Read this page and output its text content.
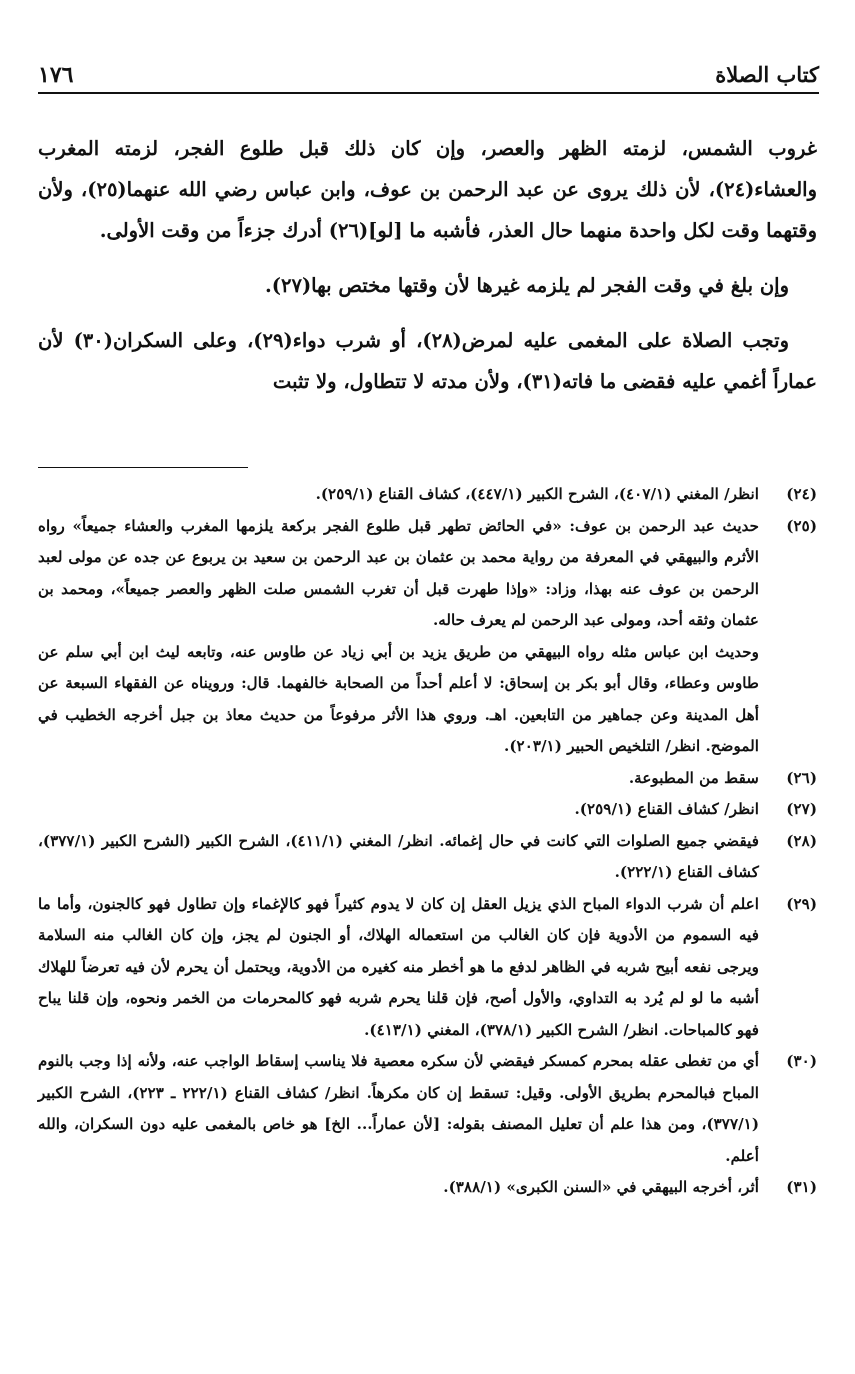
كتاب الصلاة
١٧٦

غروب الشمس، لزمته الظهر والعصر، وإن كان ذلك قبل طلوع الفجر، لزمته المغرب والعشاء(٢٤)، لأن ذلك يروى عن عبد الرحمن بن عوف، وابن عباس رضي الله عنهما(٢٥)، ولأن وقتهما وقت لكل واحدة منهما حال العذر، فأشبه ما [لو](٢٦) أدرك جزءاً من وقت الأولى.

وإن بلغ في وقت الفجر لم يلزمه غيرها لأن وقتها مختص بها(٢٧).

وتجب الصلاة على المغمى عليه لمرض(٢٨)، أو شرب دواء(٢٩)، وعلى السكران(٣٠) لأن عماراً أغمي عليه فقضى ما فاته(٣١)، ولأن مدته لا تتطاول، ولا تثبت

(٢٤)
انظر/ المغني (٤٠٧/١)، الشرح الكبير (٤٤٧/١)، كشاف القناع (٢٥٩/١).
(٢٥)
حديث عبد الرحمن بن عوف: «في الحائض تطهر قبل طلوع الفجر بركعة يلزمها المغرب والعشاء جميعاً» رواه الأثرم والبيهقي في المعرفة من رواية محمد بن عثمان بن عبد الرحمن بن سعيد بن يربوع عن جده عن مولى لعبد الرحمن بن عوف عنه بهذا، وزاد: «وإذا طهرت قبل أن تغرب الشمس صلت الظهر والعصر جميعاً»، ومحمد بن عثمان وثقه أحد، ومولى عبد الرحمن لم يعرف حاله.
وحديث ابن عباس مثله رواه البيهقي من طريق يزيد بن أبي زياد عن طاوس عنه، وتابعه ليث ابن أبي سلم عن طاوس وعطاء، وقال أبو بكر بن إسحاق: لا أعلم أحداً من الصحابة خالفهما. قال: ورويناه عن الفقهاء السبعة عن أهل المدينة وعن جماهير من التابعين. اهـ. وروي هذا الأثر مرفوعاً من حديث معاذ بن جبل أخرجه الخطيب في الموضح. انظر/ التلخيص الحبير (٢٠٣/١).
(٢٦)
سقط من المطبوعة.
(٢٧)
انظر/ كشاف القناع (٢٥٩/١).
(٢٨)
فيقضي جميع الصلوات التي كانت في حال إغمائه. انظر/ المغني (٤١١/١)، الشرح الكبير (الشرح الكبير (٣٧٧/١)، كشاف القناع (٢٢٢/١).
(٢٩)
اعلم أن شرب الدواء المباح الذي يزيل العقل إن كان لا يدوم كثيراً فهو كالإغماء وإن تطاول فهو كالجنون، وأما ما فيه السموم من الأدوية فإن كان الغالب من استعماله الهلاك، أو الجنون لم يجز، وإن كان الغالب منه السلامة ويرجى نفعه أبيح شربه في الظاهر لدفع ما هو أخطر منه كغيره من الأدوية، ويحتمل أن يحرم لأن فيه تعرضاً للهلاك أشبه ما لو لم يُرد به التداوي، والأول أصح، فإن قلنا يحرم شربه فهو كالمحرمات من الخمر ونحوه، وإن قلنا يباح فهو كالمباحات. انظر/ الشرح الكبير (٣٧٨/١)، المغني (٤١٣/١).
(٣٠)
أي من تغطى عقله بمحرم كمسكر فيقضي لأن سكره معصية فلا يناسب إسقاط الواجب عنه، ولأنه إذا وجب بالنوم المباح فبالمحرم بطريق الأولى. وقيل: تسقط إن كان مكرهاً. انظر/ كشاف القناع (٢٢٢/١ ـ ٢٢٣)، الشرح الكبير (٣٧٧/١)، ومن هذا علم أن تعليل المصنف بقوله: [لأن عماراً... الخ] هو خاص بالمغمى عليه دون السكران، والله أعلم.
(٣١)
أثر، أخرجه البيهقي في «السنن الكبرى» (٣٨٨/١).
